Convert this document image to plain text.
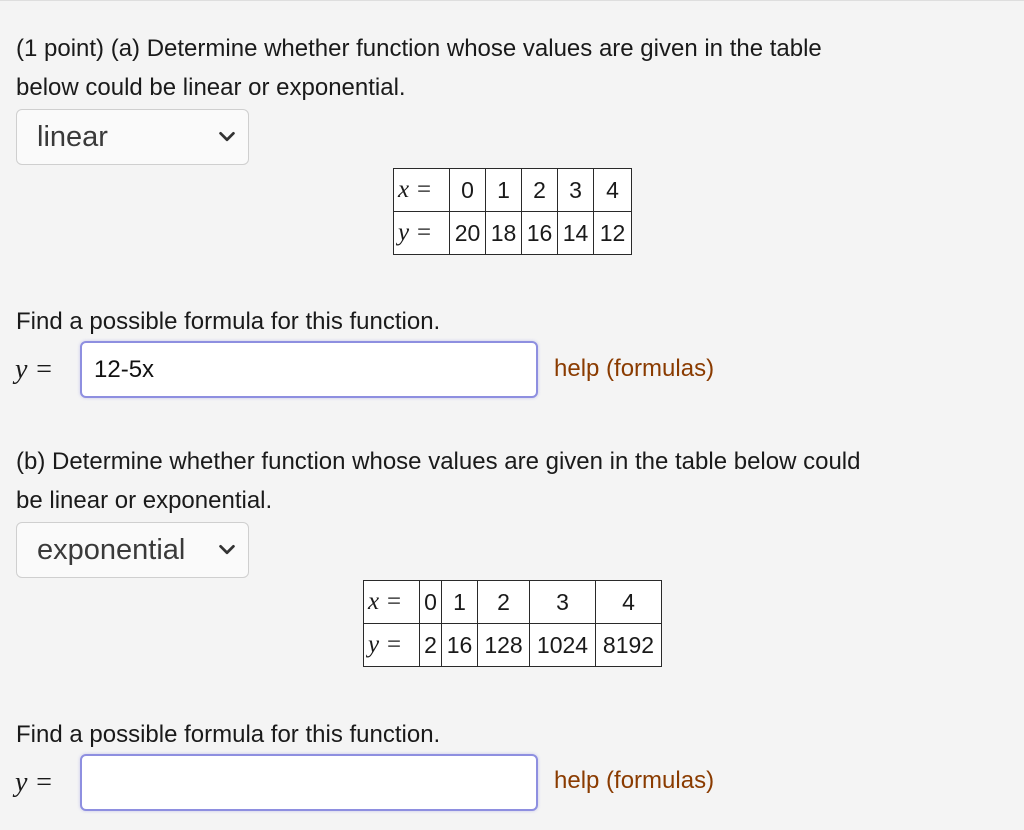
(1 point) (a) Determine whether function whose values are given in the table
below could be linear or exponential.

linear
x =	0	1	2	3	4
y =	20	18	16	14	12

Find a possible formula for this function.

y =
12-5x	help (formulas)

(b) Determine whether function whose values are given in the table below could
be linear or exponential.

exponential
x =	0	1	2	3	4
y =	2	16	128	1024	8192

Find a possible formula for this function.

y =	help (formulas)
